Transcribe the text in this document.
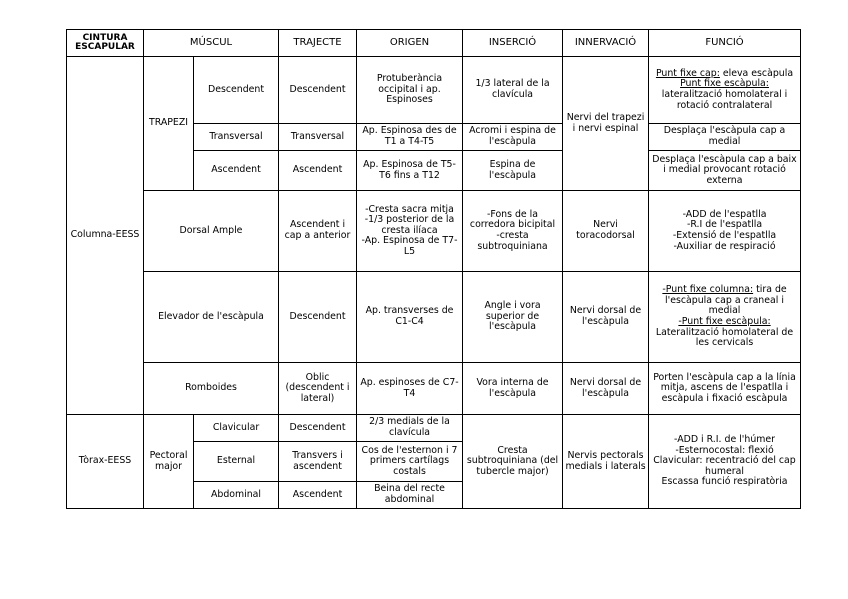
CINTURA ESCAPULAR	MÚSCUL		TRAJECTE	ORIGEN	INSERCIÓ	INNERVACIÓ	FUNCIÓ
Columna-EESS	TRAPEZI	Descendent	Descendent	Protuberància occipital i ap. Espinoses	1/3 lateral de la clavícula	Nervi del trapezi i nervi espinal	Punt fixe cap: eleva escàpula
Punt fixe escàpula:
lateralització homolateral i rotació contralateral
		Transversal	Transversal	Ap. Espinosa des de T1 a T4-T5	Acromi i espina de l'escàpula		Desplaça l'escàpula cap a medial
		Ascendent	Ascendent	Ap. Espinosa de T5-T6 fins a T12	Espina de l'escàpula		Desplaça l'escàpula cap a baix i medial provocant rotació externa
	Dorsal Ample		Ascendent i cap a anterior	-Cresta sacra mitja
-1/3 posterior de la cresta ilíaca
-Ap. Espinosa de T7-L5	-Fons de la corredora bicipital
-cresta subtroquiniana	Nervi toracodorsal	-ADD de l'espatlla
-R.I de l'espatlla
-Extensió de l'espatlla
-Auxiliar de respiració
	Elevador de l'escàpula		Descendent	Ap. transverses de C1-C4	Angle i vora superior de l'escàpula	Nervi dorsal de l'escàpula	-Punt fixe columna: tira de l'escàpula cap a craneal i medial
-Punt fixe escàpula:
Lateralització homolateral de les cervicals
	Romboides		Oblic (descendent i lateral)	Ap. espinoses de C7-T4	Vora interna de l'escàpula	Nervi dorsal de l'escàpula	Porten l'escàpula cap a la línia mitja, ascens de l'espatlla i escàpula i fixació escàpula
Tòrax-EESS	Pectoral major	Clavicular	Descendent	2/3 medials de la clavícula	Cresta subtroquiniana (del tubercle major)	Nervis pectorals medials i laterals	-ADD i R.I. de l'húmer
-Esternocostal: flexió
Clavicular: recentració del cap humeral
Escassa funció respiratòria
		Esternal	Transvers i ascendent	Cos de l'esternon i 7 primers cartílags costals			
		Abdominal	Ascendent	Beina del recte abdominal			
